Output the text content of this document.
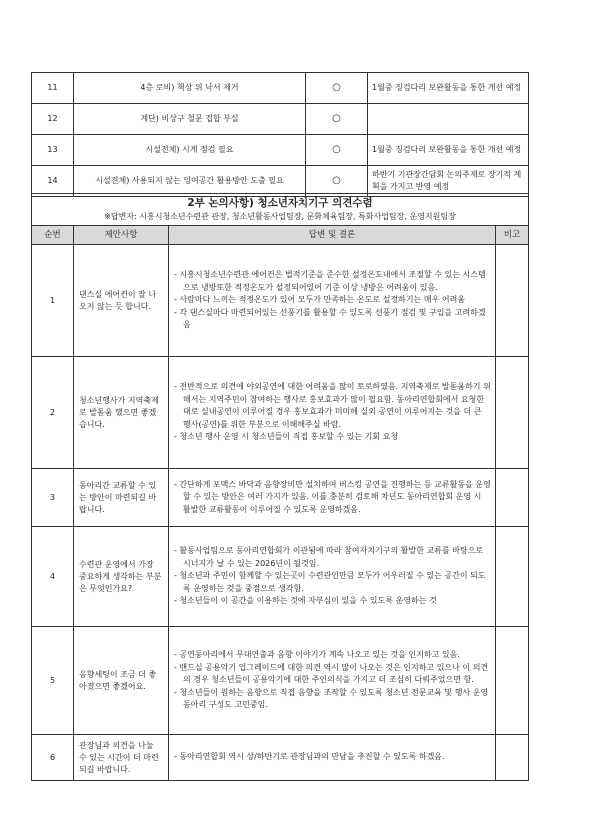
11	4층 로비) 책상 위 낙서 제거	○	1월중 징검다리 보완활동을 통한 개선 예정
12	계단) 비상구 철문 접합 부실	○	
13	시설전체) 시계 점검 필요	○	1월중 징검다리 보완활동을 통한 개선 예정
14	시설전체) 사용되지 않는 잉여공간 활용방안 도출 필요	○	하반기 기관장간담회 논의주제로 장기적 계획을 가지고 반영 예정
2부 논의사항) 청소년자치기구 의견수렴
※답변자: 시흥시청소년수련관 관장, 청소년활동사업팀장, 문화체육팀장, 특화사업팀장, 운영지원팀장			

순번	제안사항	답변 및 결론	비고
1	댄스실 에어컨이 잘 나오지 않는 듯 합니다.	- 시흥시청소년수련관 에어컨은 법적기준을 준수한 설정온도내에서 조절할 수 있는 시스템으로 냉방또한 적정온도가 설정되어있어 기준 이상 냉방은 어려움이 있음.

- 사람마다 느끼는 적정온도가 있어 모두가 만족하는 온도로 설정하기는 매우 어려움

- 각 댄스실마다 마련되어있는 선풍기를 활용할 수 있도록 선풍기 점검 및 구입을 고려하겠음	

2	청소년행사가 지역축제로 발돋움 했으면 좋겠습니다.	- 전반적으로 의견에 야외공연에 대한 어려움을 많이 토로하였음. 지역축제로 발돋움하기 위해서는 지역주민이 참여하는 행사로 홍보효과가 많이 필요함. 동아리연합회에서 요청한대로 실내공연이 이루어질 경우 홍보효과가 미미해 실외 공연이 이루어지는 것을 더 큰 행사(공연)를 위한 부분으로 이해해주실 바람.

- 청소년 행사 운영 시 청소년들이 직접 홍보할 수 있는 기회 요청	

3	동아리간 교류할 수 있는 방안이 마련되길 바랍니다.	- 간단하게 포맥스 바닥과 음향장비만 설치하여 버스킹 공연을 진행하는 등 교류활동을 운영할 수 있는 방안은 여러 가지가 있음. 이를 충분히 검토해 차년도 동아리연합회 운영 시 활발한 교류활동이 이루어질 수 있도록 운영하겠음.	

4	수련관 운영에서 가장 중요하게 생각하는 부분은 무엇인가요?	- 활동사업팀으로 동아리연합회가 이관됨에 따라 참여자치기구의 활발한 교류를 바탕으로 시너지가 날 수 있는 2026년이 될것임.

- 청소년과 주민이 함께할 수 있는곳이 수련관인만큼 모두가 어우러질 수 있는 공간이 되도록 운영하는 것을 중점으로 생각함.

- 청소년들이 이 공간을 이용하는 것에 자부심이 있을 수 있도록 운영하는 것	

5	음향세팅이 조금 더 좋아졌으면 좋겠어요.	- 공연동아리에서 무대연출과 음향 이야기가 계속 나오고 있는 것을 인지하고 있음.

- 밴드실 공용악기 업그레이드에 대한 의견 역시 많이 나오는 것은 인지하고 있으나 이 의견의 경우 청소년들이 공용악기에 대한 주인의식을 가지고 더 조심히 다뤄주었으면 함.

- 청소년들이 원하는 음향으로 직접 음향을 조작할 수 있도록 청소년 전문교육 및 행사 운영 동아리 구성도 고민중임.	

6	관장님과 의견을 나눌 수 있는 시간이 더 마련되길 바랍니다.	- 동아리연합회 역시 상/하반기로 관장님과의 만남을 추진할 수 있도록 하겠음.	
